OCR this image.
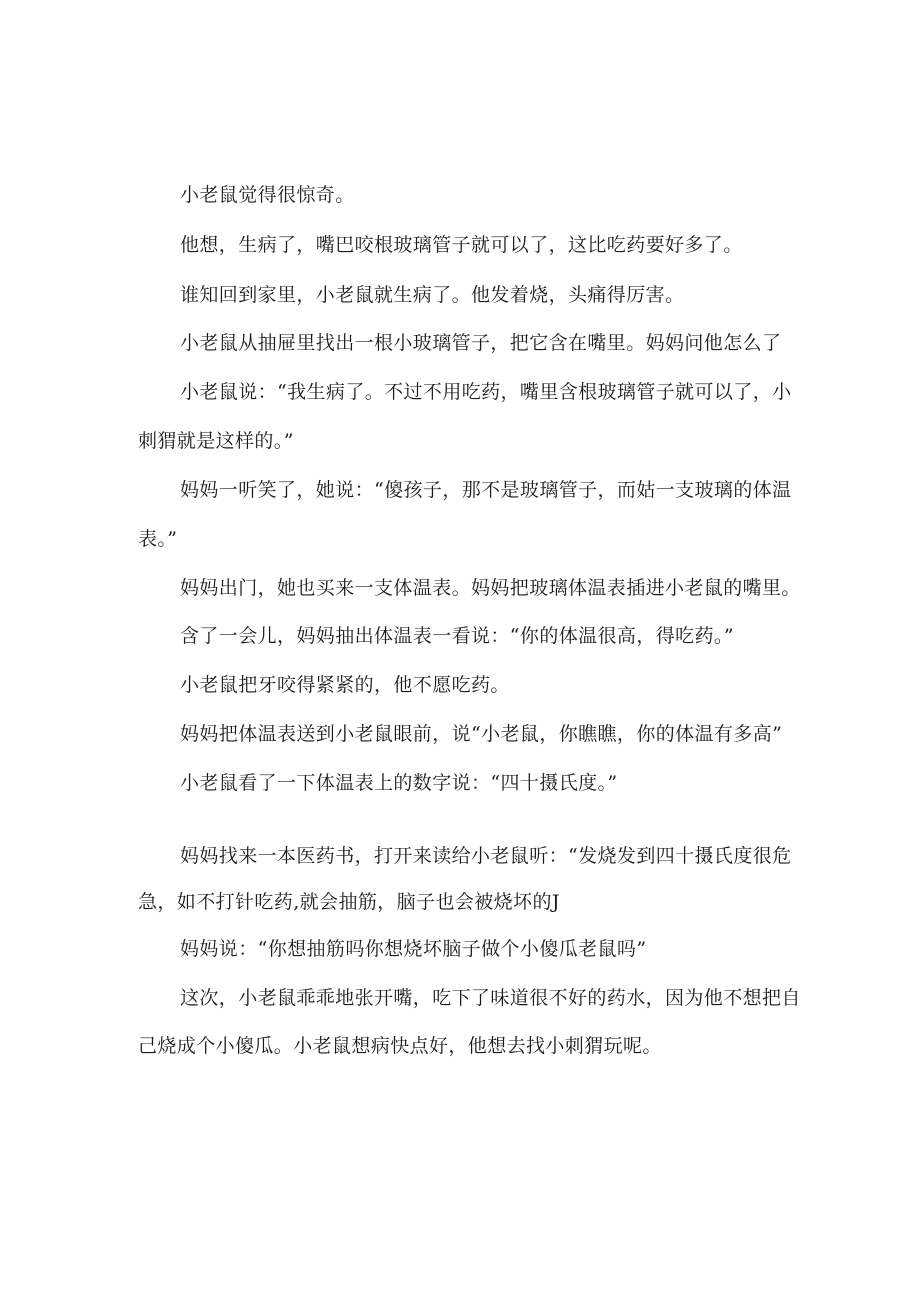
小老鼠觉得很惊奇。
他想，生病了，嘴巴咬根玻璃管子就可以了，这比吃药要好多了。
谁知回到家里，小老鼠就生病了。他发着烧，头痛得厉害。
小老鼠从抽屉里找出一根小玻璃管子，把它含在嘴里。妈妈问他怎么了
小老鼠说：“我生病了。不过不用吃药，嘴里含根玻璃管子就可以了，小
刺猬就是这样的。”
妈妈一听笑了，她说：“傻孩子，那不是玻璃管子，而姑一支玻璃的体温
表。”
妈妈出门，她也买来一支体温表。妈妈把玻璃体温表插进小老鼠的嘴里。
含了一会儿，妈妈抽出体温表一看说：“你的体温很高，得吃药。”
小老鼠把牙咬得紧紧的，他不愿吃药。
妈妈把体温表送到小老鼠眼前，说“小老鼠，你瞧瞧，你的体温有多高”
小老鼠看了一下体温表上的数字说：“四十摄氏度。”
妈妈找来一本医药书，打开来读给小老鼠听：“发烧发到四十摄氏度很危
急，如不打针吃药,就会抽筋，脑子也会被烧坏的J
妈妈说：“你想抽筋吗你想烧坏脑子做个小傻瓜老鼠吗”
这次，小老鼠乖乖地张开嘴，吃下了味道很不好的药水，因为他不想把自
己烧成个小傻瓜。小老鼠想病快点好，他想去找小刺猬玩呢。
